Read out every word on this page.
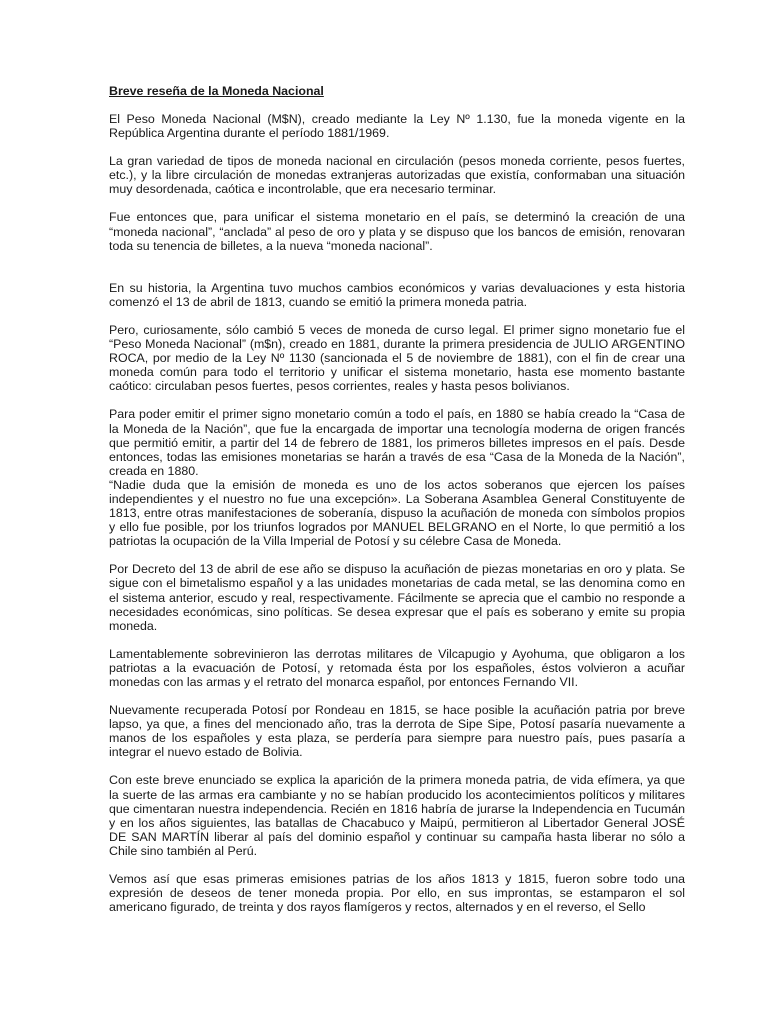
Breve reseña de la Moneda Nacional

El Peso Moneda Nacional (M$N), creado mediante la Ley Nº 1.130, fue la moneda vigente en la República Argentina durante el período 1881/1969.

La gran variedad de tipos de moneda nacional en circulación (pesos moneda corriente, pesos fuertes, etc.), y la libre circulación de monedas extranjeras autorizadas que existía, conformaban una situación muy desordenada, caótica e incontrolable, que era necesario terminar.

Fue entonces que, para unificar el sistema monetario en el país, se determinó la creación de una “moneda nacional”, “anclada” al peso de oro y plata y se dispuso que los bancos de emisión, renovaran toda su tenencia de billetes, a la nueva “moneda nacional”.

En su historia, la Argentina tuvo muchos cambios económicos y varias devaluaciones y esta historia comenzó el 13 de abril de 1813, cuando se emitió la primera moneda patria.

Pero, curiosamente, sólo cambió 5 veces de moneda de curso legal. El primer signo monetario fue el “Peso Moneda Nacional” (m$n), creado en 1881, durante la primera presidencia de JULIO ARGENTINO ROCA, por medio de la Ley Nº 1130 (sancionada el 5 de noviembre de 1881), con el fin de crear una moneda común para todo el territorio y unificar el sistema monetario, hasta ese momento bastante caótico: circulaban pesos fuertes, pesos corrientes, reales y hasta pesos bolivianos.

Para poder emitir el primer signo monetario común a todo el país, en 1880 se había creado la “Casa de la Moneda de la Nación”, que fue la encargada de importar una tecnología moderna de origen francés que permitió emitir, a partir del 14 de febrero de 1881, los primeros billetes impresos en el país. Desde entonces, todas las emisiones monetarias se harán a través de esa “Casa de la Moneda de la Nación”, creada en 1880.

“Nadie duda que la emisión de moneda es uno de los actos soberanos que ejercen los países independientes y el nuestro no fue una excepción». La Soberana Asamblea General Constituyente de 1813, entre otras manifestaciones de soberanía, dispuso la acuñación de moneda con símbolos propios y ello fue posible, por los triunfos logrados por MANUEL BELGRANO en el Norte, lo que permitió a los patriotas la ocupación de la Villa Imperial de Potosí y su célebre Casa de Moneda.

Por Decreto del 13 de abril de ese año se dispuso la acuñación de piezas monetarias en oro y plata. Se sigue con el bimetalismo español y a las unidades monetarias de cada metal, se las denomina como en el sistema anterior, escudo y real, respectivamente. Fácilmente se aprecia que el cambio no responde a necesidades económicas, sino políticas. Se desea expresar que el país es soberano y emite su propia moneda.

Lamentablemente sobrevinieron las derrotas militares de Vilcapugio y Ayohuma, que obligaron a los patriotas a la evacuación de Potosí, y retomada ésta por los españoles, éstos volvieron a acuñar monedas con las armas y el retrato del monarca español, por entonces Fernando VII.

Nuevamente recuperada Potosí por Rondeau en 1815, se hace posible la acuñación patria por breve lapso, ya que, a fines del mencionado año, tras la derrota de Sipe Sipe, Potosí pasaría nuevamente a manos de los españoles y esta plaza, se perdería para siempre para nuestro país, pues pasaría a integrar el nuevo estado de Bolivia.

Con este breve enunciado se explica la aparición de la primera moneda patria, de vida efímera, ya que la suerte de las armas era cambiante y no se habían producido los acontecimientos políticos y militares que cimentaran nuestra independencia. Recién en 1816 habría de jurarse la Independencia en Tucumán y en los años siguientes, las batallas de Chacabuco y Maipú, permitieron al Libertador General JOSÉ DE SAN MARTÍN liberar al país del dominio español y continuar su campaña hasta liberar no sólo a Chile sino también al Perú.

Vemos así que esas primeras emisiones patrias de los años 1813 y 1815, fueron sobre todo una expresión de deseos de tener moneda propia. Por ello, en sus improntas, se estamparon el sol americano figurado, de treinta y dos rayos flamígeros y rectos, alternados y en el reverso, el Sello
